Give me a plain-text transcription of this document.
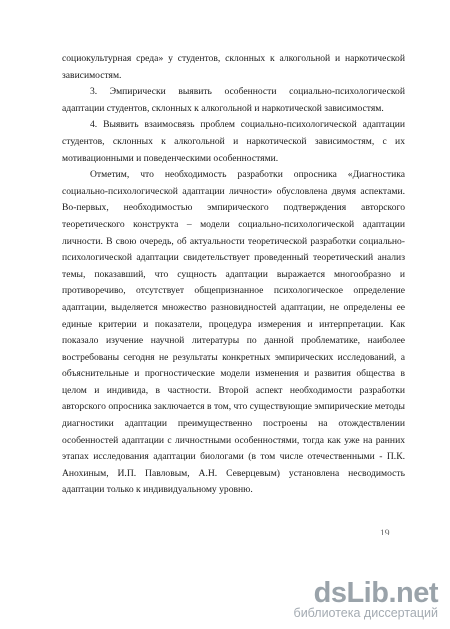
социокультурная среда» у студентов, склонных к алкогольной и наркотической зависимостям.

3. Эмпирически выявить особенности социально-психологической адаптации студентов, склонных к алкогольной и наркотической зависимостям.

4. Выявить взаимосвязь проблем социально-психологической адаптации студентов, склонных к алкогольной и наркотической зависимостям, с их мотивационными и поведенческими особенностями.

Отметим, что необходимость разработки опросника «Диагностика социально-психологической адаптации личности» обусловлена двумя аспектами. Во-первых, необходимостью эмпирического подтверждения авторского теоретического конструкта – модели социально-психологической адаптации личности. В свою очередь, об актуальности теоретической разработки социально-психологической адаптации свидетельствует проведенный теоретический анализ темы, показавший, что сущность адаптации выражается многообразно и противоречиво, отсутствует общепризнанное психологическое определение адаптации, выделяется множество разновидностей адаптации, не определены ее единые критерии и показатели, процедура измерения и интерпретации. Как показало изучение научной литературы по данной проблематике, наиболее востребованы сегодня не результаты конкретных эмпирических исследований, а объяснительные и прогностические модели изменения и развития общества в целом и индивида, в частности. Второй аспект необходимости разработки авторского опросника заключается в том, что существующие эмпирические методы диагностики адаптации преимущественно построены на отождествлении особенностей адаптации с личностными особенностями, тогда как уже на ранних этапах исследования адаптации биологами (в том числе отечественными - П.К. Анохиным, И.П. Павловым, А.Н. Северцевым) установлена несводимость адаптации только к индивидуальному уровню.

19
dsLib.net
библиотека диссертаций
